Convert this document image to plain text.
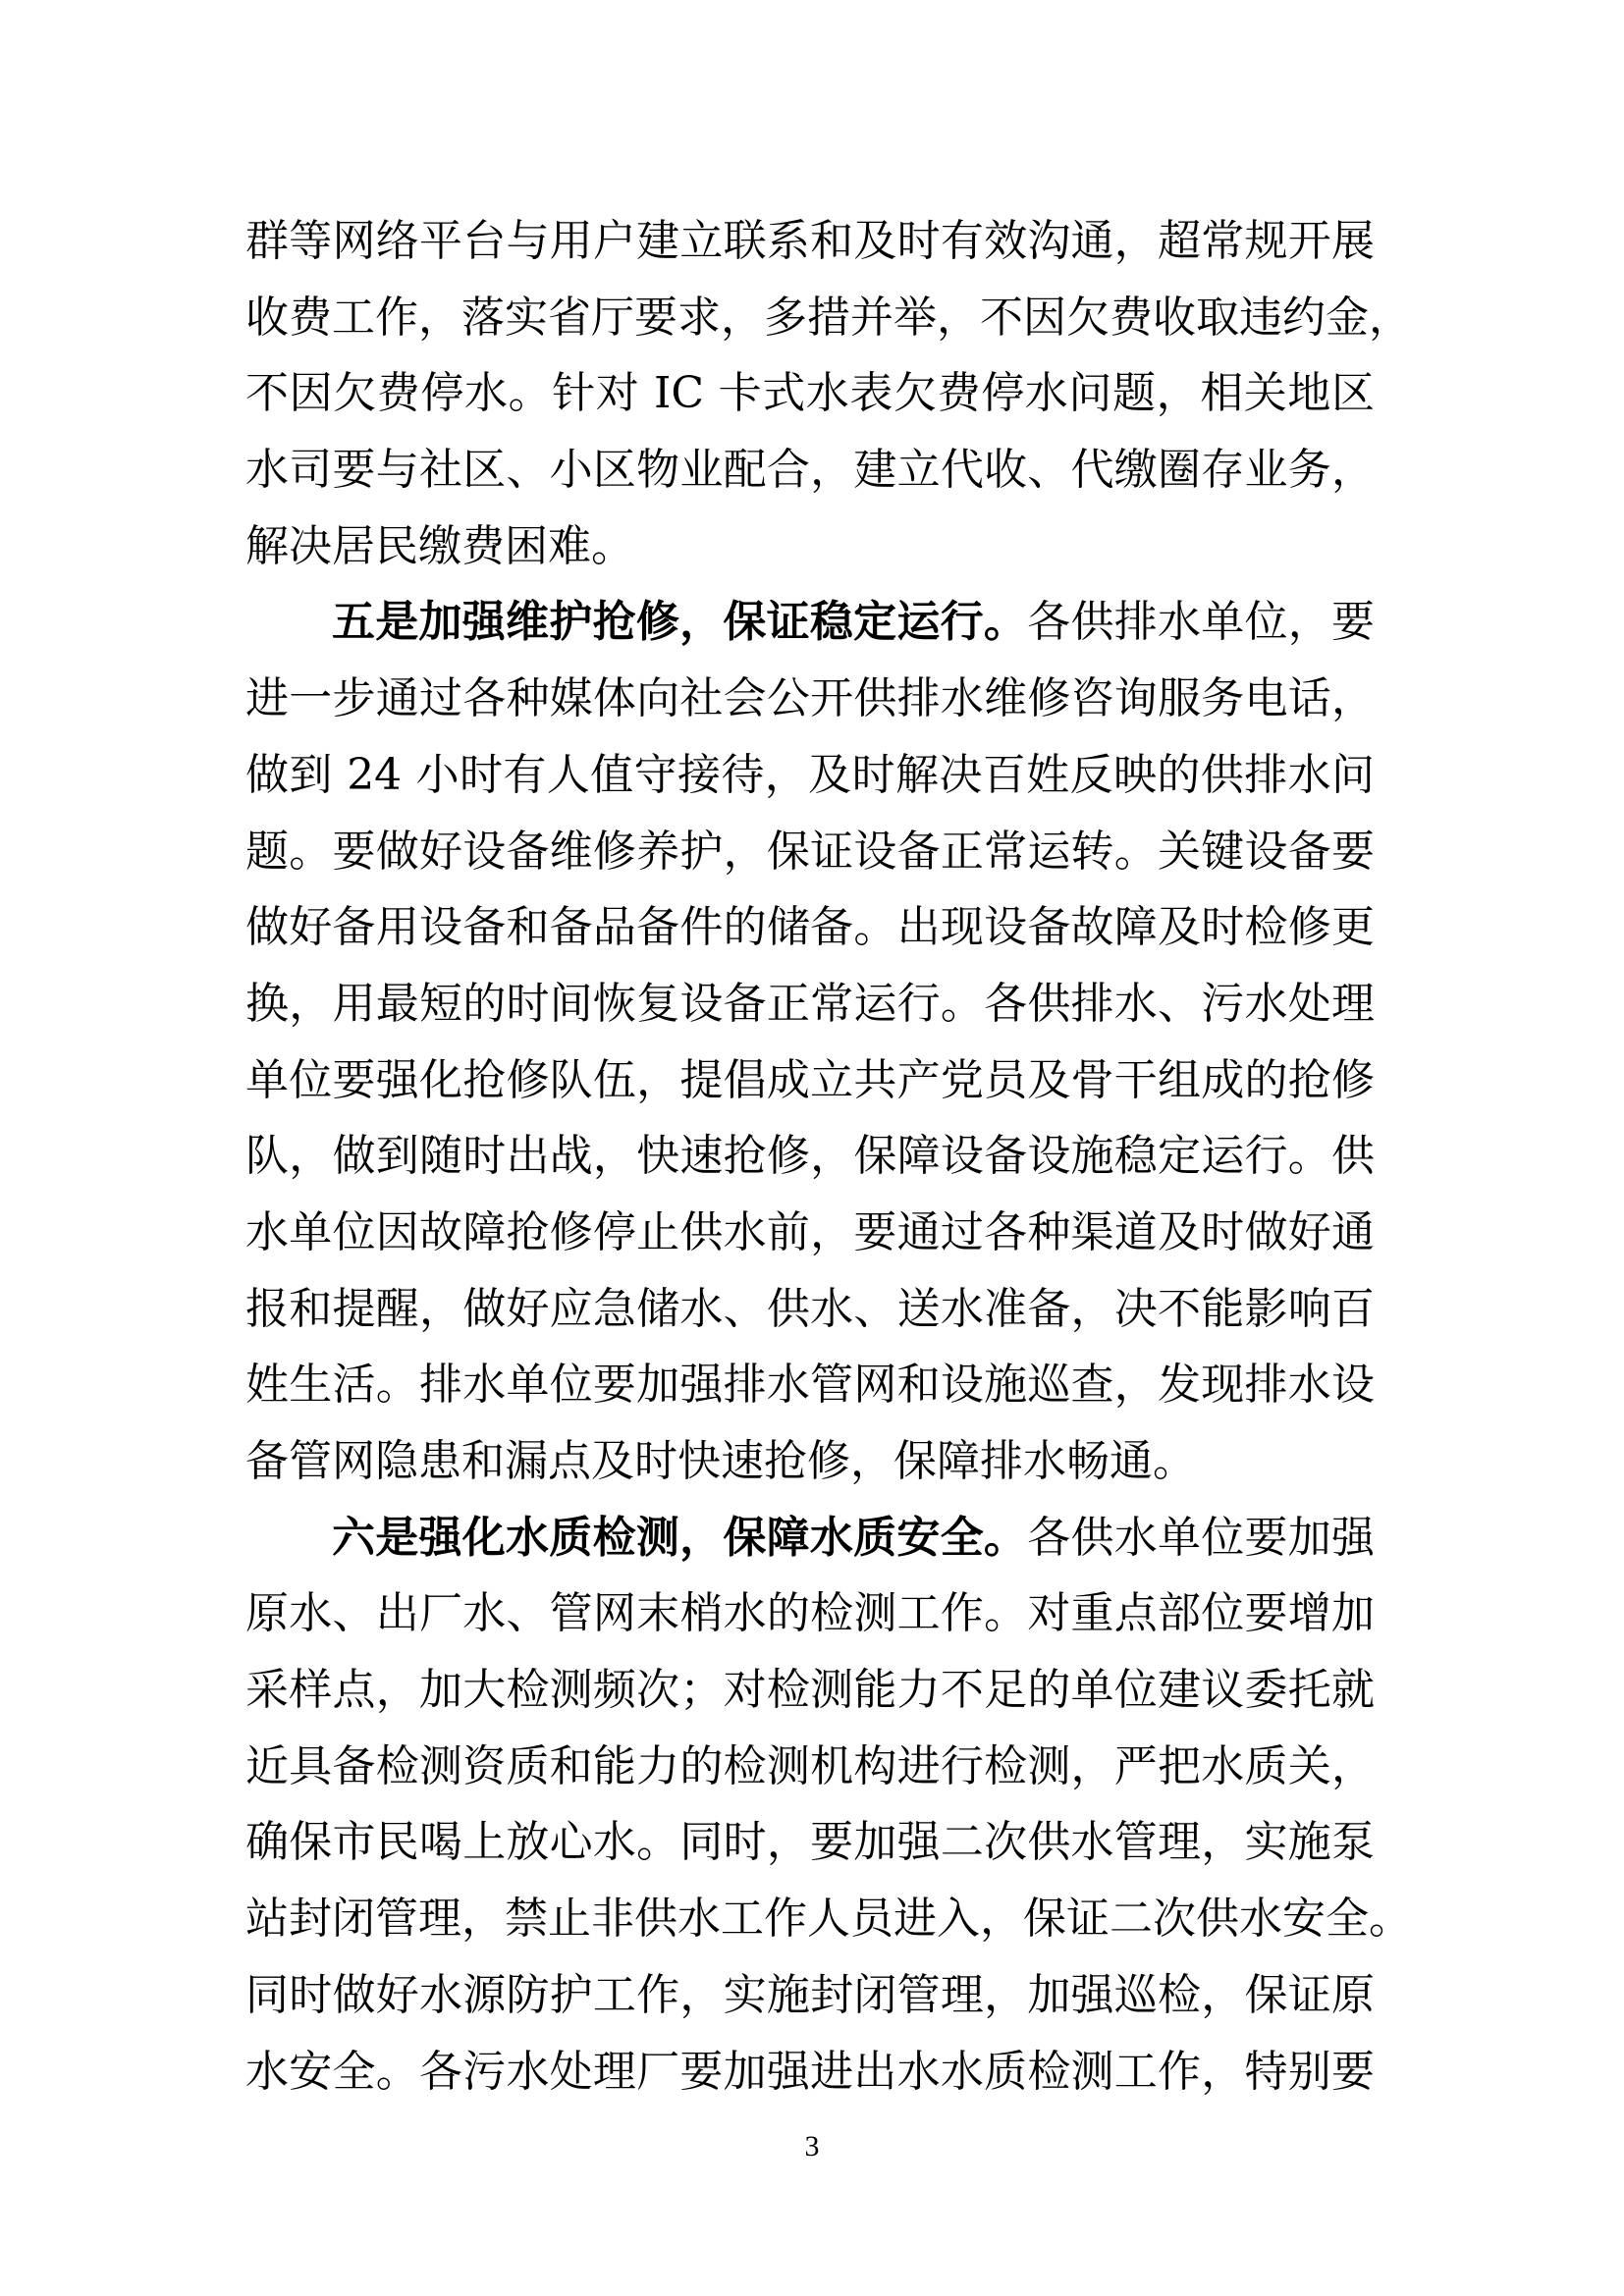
群等网络平台与用户建立联系和及时有效沟通，超常规开展
收费工作，落实省厅要求，多措并举，不因欠费收取违约金，
不因欠费停水。针对 IC 卡式水表欠费停水问题，相关地区
水司要与社区、小区物业配合，建立代收、代缴圈存业务，
解决居民缴费困难。
五是加强维护抢修，保证稳定运行。各供排水单位，要
进一步通过各种媒体向社会公开供排水维修咨询服务电话，
做到 24 小时有人值守接待，及时解决百姓反映的供排水问
题。要做好设备维修养护，保证设备正常运转。关键设备要
做好备用设备和备品备件的储备。出现设备故障及时检修更
换，用最短的时间恢复设备正常运行。各供排水、污水处理
单位要强化抢修队伍，提倡成立共产党员及骨干组成的抢修
队，做到随时出战，快速抢修，保障设备设施稳定运行。供
水单位因故障抢修停止供水前，要通过各种渠道及时做好通
报和提醒，做好应急储水、供水、送水准备，决不能影响百
姓生活。排水单位要加强排水管网和设施巡查，发现排水设
备管网隐患和漏点及时快速抢修，保障排水畅通。
六是强化水质检测，保障水质安全。各供水单位要加强
原水、出厂水、管网末梢水的检测工作。对重点部位要增加
采样点，加大检测频次；对检测能力不足的单位建议委托就
近具备检测资质和能力的检测机构进行检测，严把水质关，
确保市民喝上放心水。同时，要加强二次供水管理，实施泵
站封闭管理，禁止非供水工作人员进入，保证二次供水安全。
同时做好水源防护工作，实施封闭管理，加强巡检，保证原
水安全。各污水处理厂要加强进出水水质检测工作，特别要
3
